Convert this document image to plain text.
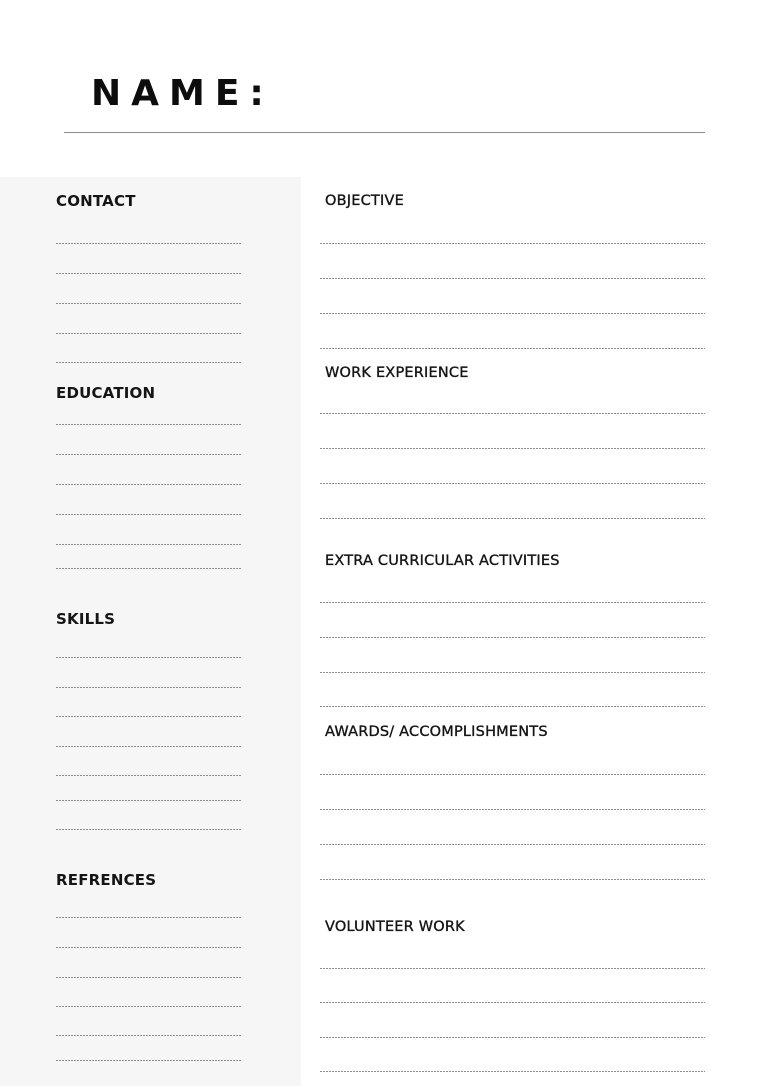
NAME:
CONTACT
EDUCATION
SKILLS
REFRENCES
OBJECTIVE
WORK EXPERIENCE
EXTRA CURRICULAR ACTIVITIES
AWARDS/ ACCOMPLISHMENTS
VOLUNTEER WORK
